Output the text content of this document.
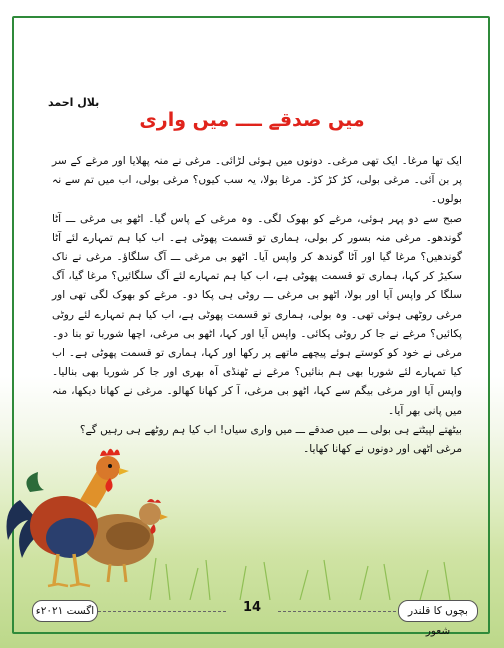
بلال احمد
میں صدقے ــــ میں واری

ایک تھا مرغا۔ ایک تھی مرغی۔ دونوں میں ہوئی لڑائی۔ مرغی نے منہ پھلایا اور مرغے کے سر پر بن آئی۔ مرغی بولی، کڑ کڑ کڑ۔ مرغا بولا، یہ سب کیوں؟ مرغی بولی، اب میں تم سے نہ بولوں۔

صبح سے دو پہر ہوئی، مرغے کو بھوک لگی۔ وہ مرغی کے پاس گیا۔ اٹھو بی مرغی ـــ آٹا گوندھو۔ مرغی منہ بسور کر بولی، ہماری تو قسمت پھوٹی ہے۔ اب کیا ہم تمہارے لئے آٹا گوندھیں؟ مرغا گیا اور آٹا گوندھ کر واپس آیا۔ اٹھو بی مرغی ـــ آگ سلگاؤ۔ مرغی نے ناک سکیڑ کر کہا، ہماری تو قسمت پھوٹی ہے، اب کیا ہم تمہارے لئے آگ سلگائیں؟ مرغا گیا، آگ سلگا کر واپس آیا اور بولا، اٹھو بی مرغی ـــ روٹی ہی پکا دو۔ مرغے کو بھوک لگی تھی اور مرغی روٹھی ہوئی تھی۔ وہ بولی، ہماری تو قسمت پھوٹی ہے، اب کیا ہم تمہارے لئے روٹی پکائیں؟ مرغے نے جا کر روٹی پکائی۔ واپس آیا اور کہا، اٹھو بی مرغی، اچھا شوربا تو بنا دو۔ مرغی نے خود کو کوستے ہوئے پیچھے ماتھے پر رکھا اور کہا، ہماری تو قسمت پھوٹی ہے۔ اب کیا تمہارے لئے شوربا بھی ہم بنائیں؟ مرغے نے ٹھنڈی آہ بھری اور جا کر شوربا بھی بنالیا۔ واپس آیا اور مرغی بیگم سے کہا، اٹھو بی مرغی، آ کر کھانا کھالو۔ مرغی نے کھانا دیکھا، منہ میں پانی بھر آیا۔

بیٹھتے لپیٹتے ہی بولی ـــ میں صدقے ـــ میں واری سیاں! اب کیا ہم روٹھے ہی رہیں گے؟

مرغی اٹھی اور دونوں نے کھانا کھایا۔

اگست ۲۰۲۱ء	14	بچوں کا قلندر شعور
